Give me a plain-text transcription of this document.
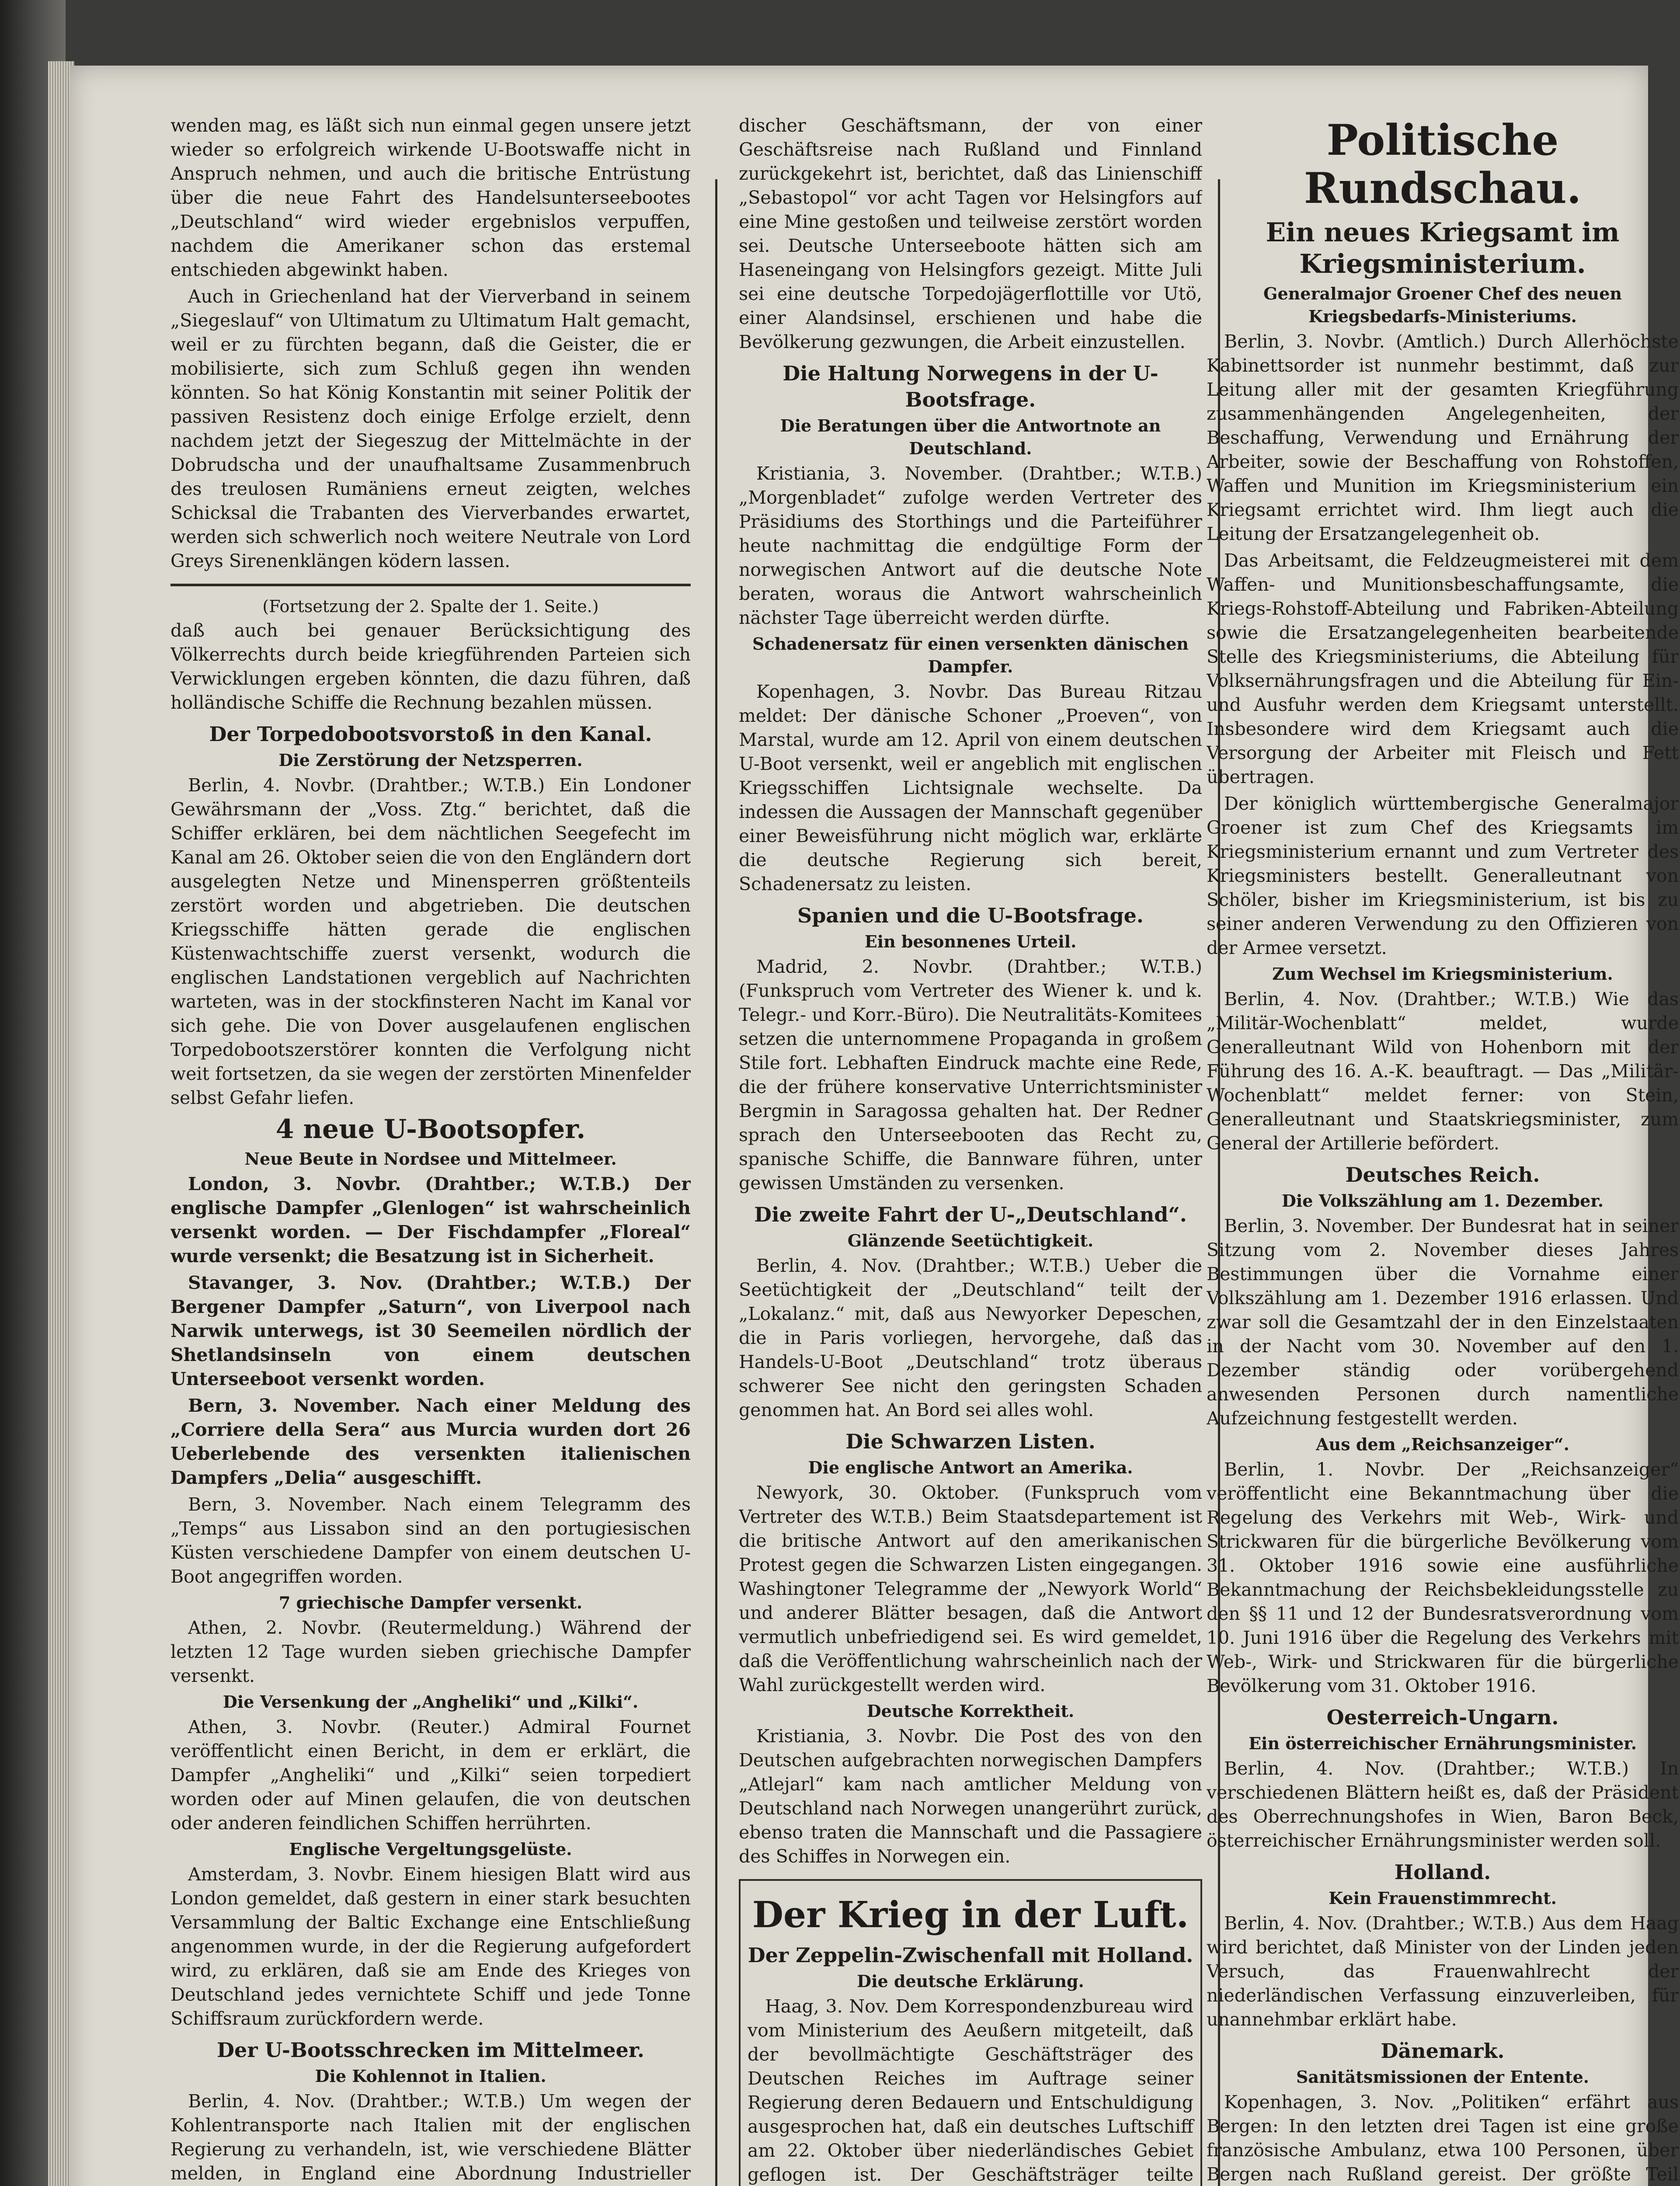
wenden mag, es läßt sich nun einmal gegen unsere jetzt wieder so erfolgreich wirkende U-Bootswaffe nicht in Anspruch nehmen, und auch die britische Entrüstung über die neue Fahrt des Handelsunterseebootes „Deutschland“ wird wieder ergebnislos verpuffen, nachdem die Amerikaner schon das erstemal entschieden abgewinkt haben.

Auch in Griechenland hat der Vierverband in seinem „Siegeslauf“ von Ultimatum zu Ultimatum Halt gemacht, weil er zu fürchten begann, daß die Geister, die er mobilisierte, sich zum Schluß gegen ihn wenden könnten. So hat König Konstantin mit seiner Politik der passiven Resistenz doch einige Erfolge erzielt, denn nachdem jetzt der Siegeszug der Mittelmächte in der Dobrudscha und der unaufhaltsame Zusammenbruch des treulosen Rumäniens erneut zeigten, welches Schicksal die Trabanten des Vierverbandes erwartet, werden sich schwerlich noch weitere Neutrale von Lord Greys Sirenenklängen ködern lassen.

(Fortsetzung der 2. Spalte der 1. Seite.)

daß auch bei genauer Berücksichtigung des Völkerrechts durch beide kriegführenden Parteien sich Verwicklungen ergeben könnten, die dazu führen, daß holländische Schiffe die Rechnung bezahlen müssen.

Der Torpedobootsvorstoß in den Kanal.
Die Zerstörung der Netzsperren.

Berlin, 4. Novbr. (Drahtber.; W.T.B.) Ein Londoner Gewährsmann der „Voss. Ztg.“ berichtet, daß die Schiffer erklären, bei dem nächtlichen Seegefecht im Kanal am 26. Oktober seien die von den Engländern dort ausgelegten Netze und Minensperren größtenteils zerstört worden und abgetrieben. Die deutschen Kriegsschiffe hätten gerade die englischen Küstenwachtschiffe zuerst versenkt, wodurch die englischen Landstationen vergeblich auf Nachrichten warteten, was in der stockfinsteren Nacht im Kanal vor sich gehe. Die von Dover ausgelaufenen englischen Torpedobootszerstörer konnten die Verfolgung nicht weit fortsetzen, da sie wegen der zerstörten Minenfelder selbst Gefahr liefen.

4 neue U-Bootsopfer.
Neue Beute in Nordsee und Mittelmeer.

London, 3. Novbr. (Drahtber.; W.T.B.) Der englische Dampfer „Glenlogen“ ist wahrscheinlich versenkt worden. — Der Fischdampfer „Floreal“ wurde versenkt; die Besatzung ist in Sicherheit.

Stavanger, 3. Nov. (Drahtber.; W.T.B.) Der Bergener Dampfer „Saturn“, von Liverpool nach Narwik unterwegs, ist 30 Seemeilen nördlich der Shetlandsinseln von einem deutschen Unterseeboot versenkt worden.

Bern, 3. November. Nach einer Meldung des „Corriere della Sera“ aus Murcia wurden dort 26 Ueberlebende des versenkten italienischen Dampfers „Delia“ ausgeschifft.

Bern, 3. November. Nach einem Telegramm des „Temps“ aus Lissabon sind an den portugiesischen Küsten verschiedene Dampfer von einem deutschen U-Boot angegriffen worden.

7 griechische Dampfer versenkt.

Athen, 2. Novbr. (Reutermeldung.) Während der letzten 12 Tage wurden sieben griechische Dampfer versenkt.

Die Versenkung der „Angheliki“ und „Kilki“.

Athen, 3. Novbr. (Reuter.) Admiral Fournet veröffentlicht einen Bericht, in dem er erklärt, die Dampfer „Angheliki“ und „Kilki“ seien torpediert worden oder auf Minen gelaufen, die von deutschen oder anderen feindlichen Schiffen herrührten.

Englische Vergeltungsgelüste.

Amsterdam, 3. Novbr. Einem hiesigen Blatt wird aus London gemeldet, daß gestern in einer stark besuchten Versammlung der Baltic Exchange eine Entschließung angenommen wurde, in der die Regierung aufgefordert wird, zu erklären, daß sie am Ende des Krieges von Deutschland jedes vernichtete Schiff und jede Tonne Schiffsraum zurückfordern werde.

Der U-Bootsschrecken im Mittelmeer.
Die Kohlennot in Italien.

Berlin, 4. Nov. (Drahtber.; W.T.B.) Um wegen der Kohlentransporte nach Italien mit der englischen Regierung zu verhandeln, ist, wie verschiedene Blätter melden, in England eine Abordnung Industrieller

discher Geschäftsmann, der von einer Geschäftsreise nach Rußland und Finnland zurückgekehrt ist, berichtet, daß das Linienschiff „Sebastopol“ vor acht Tagen vor Helsingfors auf eine Mine gestoßen und teilweise zerstört worden sei. Deutsche Unterseeboote hätten sich am Haseneingang von Helsingfors gezeigt. Mitte Juli sei eine deutsche Torpedojägerflottille vor Utö, einer Alandsinsel, erschienen und habe die Bevölkerung gezwungen, die Arbeit einzustellen.

Die Haltung Norwegens in der U-Bootsfrage.
Die Beratungen über die Antwortnote an Deutschland.

Kristiania, 3. November. (Drahtber.; W.T.B.) „Morgenbladet“ zufolge werden Vertreter des Präsidiums des Storthings und die Parteiführer heute nachmittag die endgültige Form der norwegischen Antwort auf die deutsche Note beraten, woraus die Antwort wahrscheinlich nächster Tage überreicht werden dürfte.

Schadenersatz für einen versenkten dänischen Dampfer.

Kopenhagen, 3. Novbr. Das Bureau Ritzau meldet: Der dänische Schoner „Proeven“, von Marstal, wurde am 12. April von einem deutschen U-Boot versenkt, weil er angeblich mit englischen Kriegsschiffen Lichtsignale wechselte. Da indessen die Aussagen der Mannschaft gegenüber einer Beweisführung nicht möglich war, erklärte die deutsche Regierung sich bereit, Schadenersatz zu leisten.

Spanien und die U-Bootsfrage.
Ein besonnenes Urteil.

Madrid, 2. Novbr. (Drahtber.; W.T.B.) (Funkspruch vom Vertreter des Wiener k. und k. Telegr.- und Korr.-Büro). Die Neutralitäts-Komitees setzen die unternommene Propaganda in großem Stile fort. Lebhaften Eindruck machte eine Rede, die der frühere konservative Unterrichtsminister Bergmin in Saragossa gehalten hat. Der Redner sprach den Unterseebooten das Recht zu, spanische Schiffe, die Bannware führen, unter gewissen Umständen zu versenken.

Die zweite Fahrt der U-„Deutschland“.
Glänzende Seetüchtigkeit.

Berlin, 4. Nov. (Drahtber.; W.T.B.) Ueber die Seetüchtigkeit der „Deutschland“ teilt der „Lokalanz.“ mit, daß aus Newyorker Depeschen, die in Paris vorliegen, hervorgehe, daß das Handels-U-Boot „Deutschland“ trotz überaus schwerer See nicht den geringsten Schaden genommen hat. An Bord sei alles wohl.

Die Schwarzen Listen.
Die englische Antwort an Amerika.

Newyork, 30. Oktober. (Funkspruch vom Vertreter des W.T.B.) Beim Staatsdepartement ist die britische Antwort auf den amerikanischen Protest gegen die Schwarzen Listen eingegangen. Washingtoner Telegramme der „Newyork World“ und anderer Blätter besagen, daß die Antwort vermutlich unbefriedigend sei. Es wird gemeldet, daß die Veröffentlichung wahrscheinlich nach der Wahl zurückgestellt werden wird.

Deutsche Korrektheit.

Kristiania, 3. Novbr. Die Post des von den Deutschen aufgebrachten norwegischen Dampfers „Atlejarl“ kam nach amtlicher Meldung von Deutschland nach Norwegen unangerührt zurück, ebenso traten die Mannschaft und die Passagiere des Schiffes in Norwegen ein.

Der Krieg in der Luft.
Der Zeppelin-Zwischenfall mit Holland.
Die deutsche Erklärung.

Haag, 3. Nov. Dem Korrespondenzbureau wird vom Ministerium des Aeußern mitgeteilt, daß der bevollmächtigte Geschäftsträger des Deutschen Reiches im Auftrage seiner Regierung deren Bedauern und Entschuldigung ausgesprochen hat, daß ein deutsches Luftschiff am 22. Oktober über niederländisches Gebiet geflogen ist. Der Geschäftsträger teilte

Politische Rundschau.
Ein neues Kriegsamt im Kriegsministerium.
Generalmajor Groener Chef des neuen Kriegsbedarfs-Ministeriums.

Berlin, 3. Novbr. (Amtlich.) Durch Allerhöchste Kabinettsorder ist nunmehr bestimmt, daß zur Leitung aller mit der gesamten Kriegführung zusammenhängenden Angelegenheiten, der Beschaffung, Verwendung und Ernährung der Arbeiter, sowie der Beschaffung von Rohstoffen, Waffen und Munition im Kriegsministerium ein Kriegsamt errichtet wird. Ihm liegt auch die Leitung der Ersatzangelegenheit ob.

Das Arbeitsamt, die Feldzeugmeisterei mit dem Waffen- und Munitionsbeschaffungsamte, die Kriegs-Rohstoff-Abteilung und Fabriken-Abteilung sowie die Ersatzangelegenheiten bearbeitende Stelle des Kriegsministeriums, die Abteilung für Volksernährungsfragen und die Abteilung für Ein- und Ausfuhr werden dem Kriegsamt unterstellt. Insbesondere wird dem Kriegsamt auch die Versorgung der Arbeiter mit Fleisch und Fett übertragen.

Der königlich württembergische Generalmajor Groener ist zum Chef des Kriegsamts im Kriegsministerium ernannt und zum Vertreter des Kriegsministers bestellt. Generalleutnant von Schöler, bisher im Kriegsministerium, ist bis zu seiner anderen Verwendung zu den Offizieren von der Armee versetzt.

Zum Wechsel im Kriegsministerium.

Berlin, 4. Nov. (Drahtber.; W.T.B.) Wie das „Militär-Wochenblatt“ meldet, wurde Generalleutnant Wild von Hohenborn mit der Führung des 16. A.-K. beauftragt. — Das „Militär-Wochenblatt“ meldet ferner: von Stein, Generalleutnant und Staatskriegsminister, zum General der Artillerie befördert.

Deutsches Reich.
Die Volkszählung am 1. Dezember.

Berlin, 3. November. Der Bundesrat hat in seiner Sitzung vom 2. November dieses Jahres Bestimmungen über die Vornahme einer Volkszählung am 1. Dezember 1916 erlassen. Und zwar soll die Gesamtzahl der in den Einzelstaaten in der Nacht vom 30. November auf den 1. Dezember ständig oder vorübergehend anwesenden Personen durch namentliche Aufzeichnung festgestellt werden.

Aus dem „Reichsanzeiger“.

Berlin, 1. Novbr. Der „Reichsanzeiger“ veröffentlicht eine Bekanntmachung über die Regelung des Verkehrs mit Web-, Wirk- und Strickwaren für die bürgerliche Bevölkerung vom 31. Oktober 1916 sowie eine ausführliche Bekanntmachung der Reichsbekleidungsstelle zu den §§ 11 und 12 der Bundesratsverordnung vom 10. Juni 1916 über die Regelung des Verkehrs mit Web-, Wirk- und Strickwaren für die bürgerliche Bevölkerung vom 31. Oktober 1916.

Oesterreich-Ungarn.
Ein österreichischer Ernährungsminister.

Berlin, 4. Nov. (Drahtber.; W.T.B.) In verschiedenen Blättern heißt es, daß der Präsident des Oberrechnungshofes in Wien, Baron Beck, österreichischer Ernährungsminister werden soll.

Holland.
Kein Frauenstimmrecht.

Berlin, 4. Nov. (Drahtber.; W.T.B.) Aus dem Haag wird berichtet, daß Minister von der Linden jeden Versuch, das Frauenwahlrecht der niederländischen Verfassung einzuverleiben, für unannehmbar erklärt habe.

Dänemark.
Sanitätsmissionen der Entente.

Kopenhagen, 3. Nov. „Politiken“ erfährt aus Bergen: In den letzten drei Tagen ist eine große französische Ambulanz, etwa 100 Personen, über Bergen nach Rußland gereist. Der größte Teil
